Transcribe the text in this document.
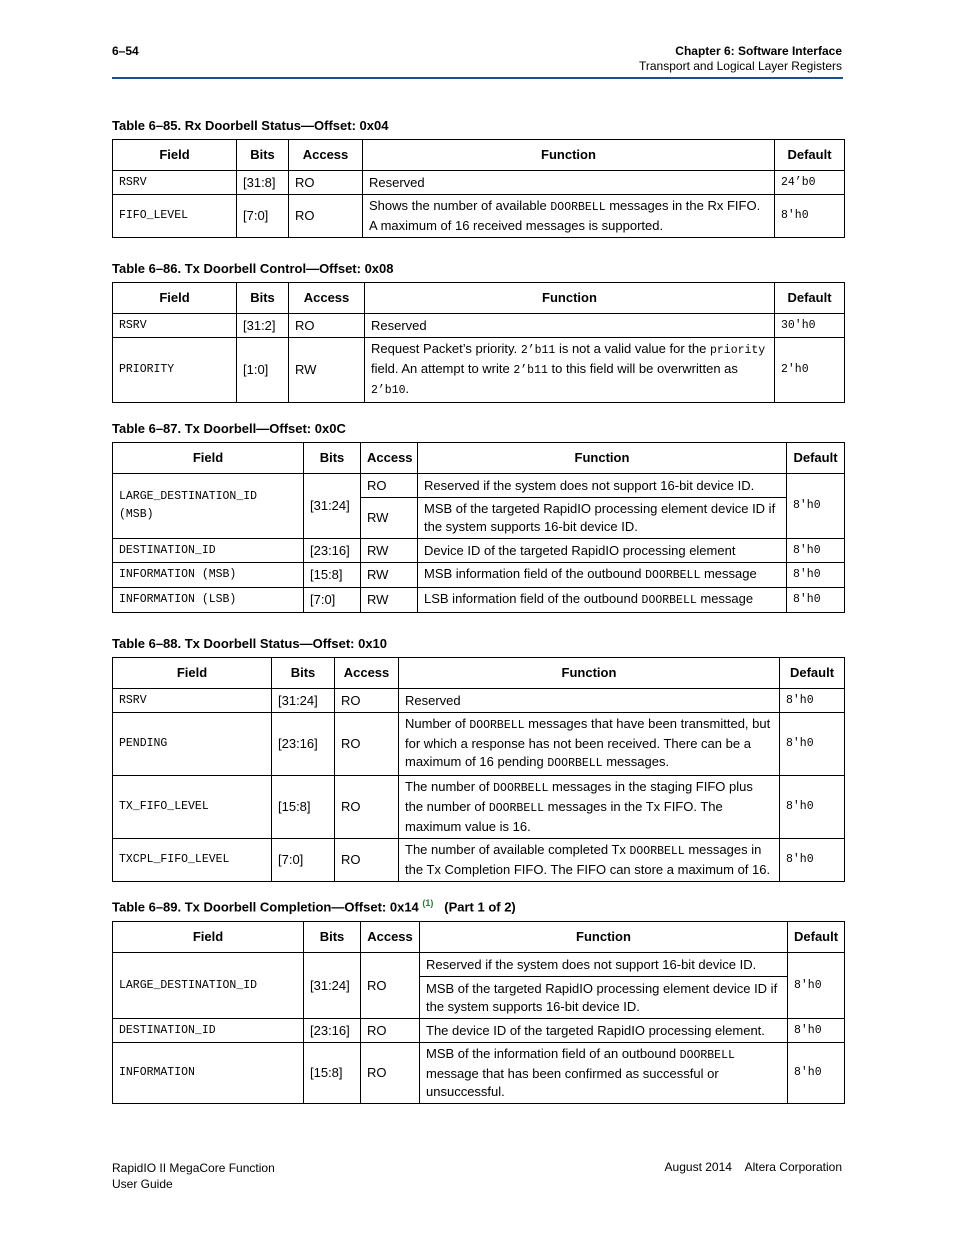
6–54	Chapter 6: Software Interface
Transport and Logical Layer Registers
Table 6–85. Rx Doorbell Status—Offset: 0x04
Field	Bits	Access	Function	Default
RSRV	[31:8]	RO	Reserved	24’b0
FIFO_LEVEL	[7:0]	RO	Shows the number of available DOORBELL messages in the Rx FIFO. A maximum of 16 received messages is supported.	8'h0
Table 6–86. Tx Doorbell Control—Offset: 0x08
Field	Bits	Access	Function	Default
RSRV	[31:2]	RO	Reserved	30'h0
PRIORITY	[1:0]	RW	Request Packet’s priority. 2’b11 is not a valid value for the priority field. An attempt to write 2’b11 to this field will be overwritten as 2’b10.	2'h0
Table 6–87. Tx Doorbell—Offset: 0x0C
Field	Bits	Access	Function	Default
LARGE_DESTINATION_ID (MSB)	[31:24]	RO	Reserved if the system does not support 16-bit device ID.	8'h0
		RW	MSB of the targeted RapidIO processing element device ID if the system supports 16-bit device ID.	
DESTINATION_ID	[23:16]	RW	Device ID of the targeted RapidIO processing element	8'h0
INFORMATION (MSB)	[15:8]	RW	MSB information field of the outbound DOORBELL message	8'h0
INFORMATION (LSB)	[7:0]	RW	LSB information field of the outbound DOORBELL message	8'h0
Table 6–88. Tx Doorbell Status—Offset: 0x10
Field	Bits	Access	Function	Default
RSRV	[31:24]	RO	Reserved	8'h0
PENDING	[23:16]	RO	Number of DOORBELL messages that have been transmitted, but for which a response has not been received. There can be a maximum of 16 pending DOORBELL messages.	8'h0
TX_FIFO_LEVEL	[15:8]	RO	The number of DOORBELL messages in the staging FIFO plus the number of DOORBELL messages in the Tx FIFO. The maximum value is 16.	8'h0
TXCPL_FIFO_LEVEL	[7:0]	RO	The number of available completed Tx DOORBELL messages in the Tx Completion FIFO. The FIFO can store a maximum of 16.	8'h0
Table 6–89. Tx Doorbell Completion—Offset: 0x14 $^{(1)}$ (Part 1 of 2)
Field	Bits	Access	Function	Default
LARGE_DESTINATION_ID	[31:24]	RO	Reserved if the system does not support 16-bit device ID.	8'h0
			MSB of the targeted RapidIO processing element device ID if the system supports 16-bit device ID.	
DESTINATION_ID	[23:16]	RO	The device ID of the targeted RapidIO processing element.	8'h0
INFORMATION	[15:8]	RO	MSB of the information field of an outbound DOORBELL message that has been confirmed as successful or unsuccessful.	8'h0
RapidIO II MegaCore Function
User Guide
August 2014    Altera Corporation
